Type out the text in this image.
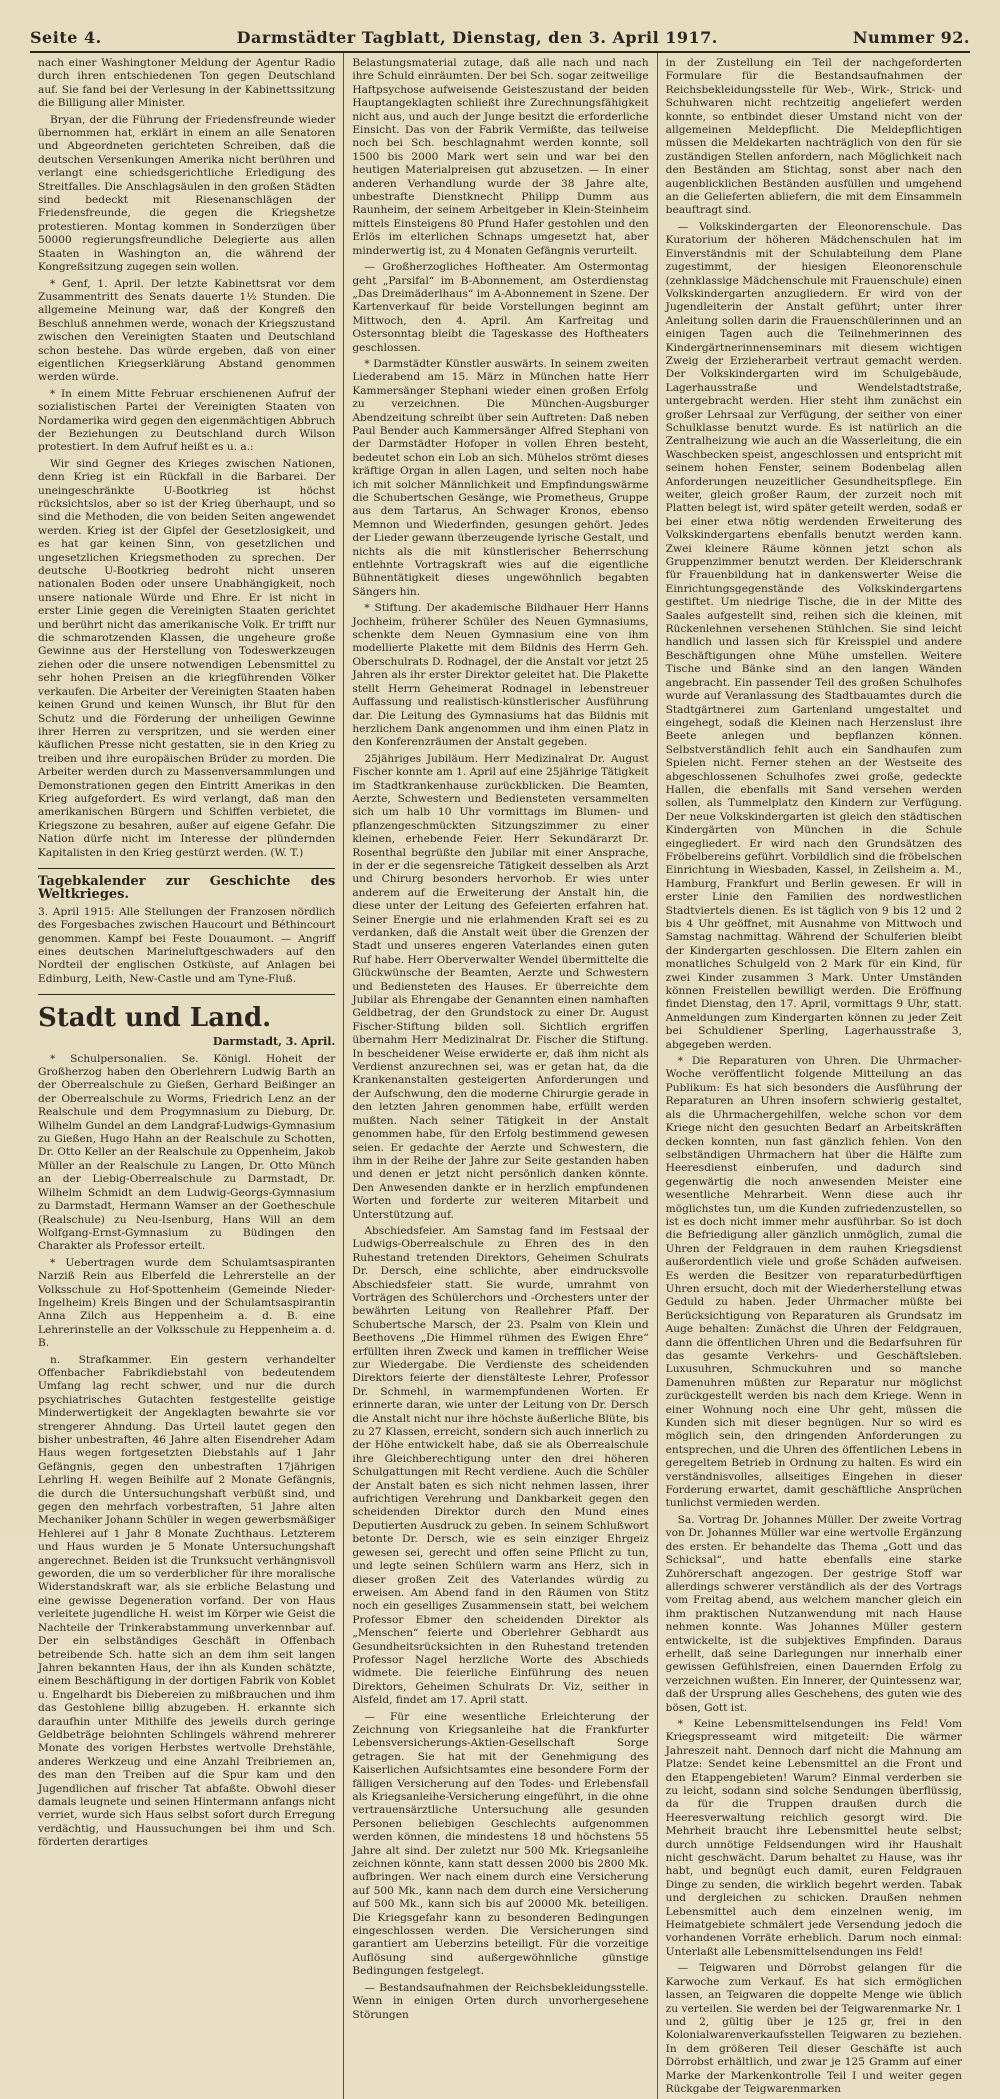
Seite 4.	Darmstädter Tagblatt, Dienstag, den 3. April 1917.	Nummer 92.

nach einer Washingtoner Meldung der Agentur Radio durch ihren entschiedenen Ton gegen Deutschland auf. Sie fand bei der Verlesung in der Kabinettssitzung die Billigung aller Minister.

Bryan, der die Führung der Friedensfreunde wieder übernommen hat, erklärt in einem an alle Senatoren und Abgeordneten gerichteten Schreiben, daß die deutschen Versenkungen Amerika nicht berühren und verlangt eine schiedsgerichtliche Erledigung des Streitfalles. Die Anschlagsäulen in den großen Städten sind bedeckt mit Riesenanschlägen der Friedensfreunde, die gegen die Kriegshetze protestieren. Montag kommen in Sonderzügen über 50000 regierungsfreundliche Delegierte aus allen Staaten in Washington an, die während der Kongreßsitzung zugegen sein wollen.

* Genf, 1. April. Der letzte Kabinettsrat vor dem Zusammentritt des Senats dauerte 1½ Stunden. Die allgemeine Meinung war, daß der Kongreß den Beschluß annehmen werde, wonach der Kriegszustand zwischen den Vereinigten Staaten und Deutschland schon bestehe. Das würde ergeben, daß von einer eigentlichen Kriegserklärung Abstand genommen werden würde.

* In einem Mitte Februar erschienenen Aufruf der sozialistischen Partei der Vereinigten Staaten von Nordamerika wird gegen den eigenmächtigen Abbruch der Beziehungen zu Deutschland durch Wilson protestiert. In dem Aufruf heißt es u. a.:

Wir sind Gegner des Krieges zwischen Nationen, denn Krieg ist ein Rückfall in die Barbarei. Der uneingeschränkte U-Bootkrieg ist höchst rücksichtslos, aber so ist der Krieg überhaupt, und so sind die Methoden, die von beiden Seiten angewendet werden. Krieg ist der Gipfel der Gesetzlosigkeit, und es hat gar keinen Sinn, von gesetzlichen und ungesetzlichen Kriegsmethoden zu sprechen. Der deutsche U-Bootkrieg bedroht nicht unseren nationalen Boden oder unsere Unabhängigkeit, noch unsere nationale Würde und Ehre. Er ist nicht in erster Linie gegen die Vereinigten Staaten gerichtet und berührt nicht das amerikanische Volk. Er trifft nur die schmarotzenden Klassen, die ungeheure große Gewinne aus der Herstellung von Todeswerkzeugen ziehen oder die unsere notwendigen Lebensmittel zu sehr hohen Preisen an die kriegführenden Völker verkaufen. Die Arbeiter der Vereinigten Staaten haben keinen Grund und keinen Wunsch, ihr Blut für den Schutz und die Förderung der unheiligen Gewinne ihrer Herren zu verspritzen, und sie werden einer käuflichen Presse nicht gestatten, sie in den Krieg zu treiben und ihre europäischen Brüder zu morden. Die Arbeiter werden durch zu Massenversammlungen und Demonstrationen gegen den Eintritt Amerikas in den Krieg aufgefordert. Es wird verlangt, daß man den amerikanischen Bürgern und Schiffen verbietet, die Kriegszone zu besahren, außer auf eigene Gefahr. Die Nation dürfe nicht im Interesse der plündernden Kapitalisten in den Krieg gestürzt werden. (W. T.)

Tagebkalender zur Geschichte des Weltkrieges.

3. April 1915: Alle Stellungen der Franzosen nördlich des Forgesbaches zwischen Haucourt und Béthincourt genommen. Kampf bei Feste Douaumont. — Angriff eines deutschen Marineluftgeschwaders auf den Nordteil der englischen Ostküste, auf Anlagen bei Edinburg, Leith, New-Castle und am Tyne-Fluß.

Stadt und Land.
Darmstadt, 3. April.

* Schulpersonalien. Se. Königl. Hoheit der Großherzog haben den Oberlehrern Ludwig Barth an der Oberrealschule zu Gießen, Gerhard Beißinger an der Oberrealschule zu Worms, Friedrich Lenz an der Realschule und dem Progymnasium zu Dieburg, Dr. Wilhelm Gundel an dem Landgraf-Ludwigs-Gymnasium zu Gießen, Hugo Hahn an der Realschule zu Schotten, Dr. Otto Keller an der Realschule zu Oppenheim, Jakob Müller an der Realschule zu Langen, Dr. Otto Münch an der Liebig-Oberrealschule zu Darmstadt, Dr. Wilhelm Schmidt an dem Ludwig-Georgs-Gymnasium zu Darmstadt, Hermann Wamser an der Goetheschule (Realschule) zu Neu-Isenburg, Hans Will an dem Wolfgang-Ernst-Gymnasium zu Büdingen den Charakter als Professor erteilt.

* Uebertragen wurde dem Schulamtsaspiranten Narziß Rein aus Elberfeld die Lehrerstelle an der Volksschule zu Hof-Spottenheim (Gemeinde Nieder-Ingelheim) Kreis Bingen und der Schulamtsaspirantin Anna Zilch aus Heppenheim a. d. B. eine Lehrerinstelle an der Volksschule zu Heppenheim a. d. B.

n. Strafkammer. Ein gestern verhandelter Offenbacher Fabrikdiebstahl von bedeutendem Umfang lag recht schwer, und nur die durch psychiatrisches Gutachten festgestellte geistige Minderwertigkeit der Angeklagten bewahrte sie vor strengerer Ahndung. Das Urteil lautet gegen den bisher unbestraften, 46 Jahre alten Eisendreher Adam Haus wegen fortgesetzten Diebstahls auf 1 Jahr Gefängnis, gegen den unbestraften 17jährigen Lehrling H. wegen Beihilfe auf 2 Monate Gefängnis, die durch die Untersuchungshaft verbüßt sind, und gegen den mehrfach vorbestraften, 51 Jahre alten Mechaniker Johann Schüler in wegen gewerbsmäßiger Hehlerei auf 1 Jahr 8 Monate Zuchthaus. Letzterem und Haus wurden je 5 Monate Untersuchungshaft angerechnet. Beiden ist die Trunksucht verhängnisvoll geworden, die um so verderblicher für ihre moralische Widerstandskraft war, als sie erbliche Belastung und eine gewisse Degeneration vorfand. Der von Haus verleitete jugendliche H. weist im Körper wie Geist die Nachteile der Trinkerabstammung unverkennbar auf. Der ein selbständiges Geschäft in Offenbach betreibende Sch. hatte sich an dem ihm seit langen Jahren bekannten Haus, der ihn als Kunden schätzte, einem Beschäftigung in der dortigen Fabrik von Koblet u. Engelhardt bis Diebereien zu mißbrauchen und ihm das Gestohlene billig abzugeben. H. erkannte sich daraufhin unter Mithilfe des jeweils durch geringe Geldbeträge belohnten Schlingels während mehrerer Monate des vorigen Herbstes wertvolle Drehstähle, anderes Werkzeug und eine Anzahl Treibriemen an, des man den Treiben auf die Spur kam und den Jugendlichen auf frischer Tat abfaßte. Obwohl dieser damals leugnete und seinen Hintermann anfangs nicht verriet, wurde sich Haus selbst sofort durch Erregung verdächtig, und Haussuchungen bei ihm und Sch. förderten derartiges

Belastungsmaterial zutage, daß alle nach und nach ihre Schuld einräumten. Der bei Sch. sogar zeitweilige Haftpsychose aufweisende Geisteszustand der beiden Hauptangeklagten schließt ihre Zurechnungsfähigkeit nicht aus, und auch der Junge besitzt die erforderliche Einsicht. Das von der Fabrik Vermißte, das teilweise noch bei Sch. beschlagnahmt werden konnte, soll 1500 bis 2000 Mark wert sein und war bei den heutigen Materialpreisen gut abzusetzen. — In einer anderen Verhandlung wurde der 38 Jahre alte, unbestrafte Dienstknecht Philipp Dumm aus Raunheim, der seinem Arbeitgeber in Klein-Steinheim mittels Einsteigens 80 Pfund Hafer gestohlen und den Erlös im elterlichen Schnaps umgesetzt hat, aber minderwertig ist, zu 4 Monaten Gefängnis verurteilt.

— Großherzogliches Hoftheater. Am Ostermontag geht „Parsifal“ im B-Abonnement, am Osterdienstag „Das Dreimäderlhaus“ im A-Abonnement in Szene. Der Kartenverkauf für beide Vorstellungen beginnt am Mittwoch, den 4. April. Am Karfreitag und Ostersonntag bleibt die Tageskasse des Hoftheaters geschlossen.

* Darmstädter Künstler auswärts. In seinem zweiten Liederabend am 15. März in München hatte Herr Kammersänger Stephani wieder einen großen Erfolg zu verzeichnen. Die München-Augsburger Abendzeitung schreibt über sein Auftreten: Daß neben Paul Bender auch Kammersänger Alfred Stephani von der Darmstädter Hofoper in vollen Ehren besteht, bedeutet schon ein Lob an sich. Mühelos strömt dieses kräftige Organ in allen Lagen, und selten noch habe ich mit solcher Männlichkeit und Empfindungswärme die Schubertschen Gesänge, wie Prometheus, Gruppe aus dem Tartarus, An Schwager Kronos, ebenso Memnon und Wiederfinden, gesungen gehört. Jedes der Lieder gewann überzeugende lyrische Gestalt, und nichts als die mit künstlerischer Beherrschung entlehnte Vortragskraft wies auf die eigentliche Bühnentätigkeit dieses ungewöhnlich begabten Sängers hin.

* Stiftung. Der akademische Bildhauer Herr Hanns Jochheim, früherer Schüler des Neuen Gymnasiums, schenkte dem Neuen Gymnasium eine von ihm modellierte Plakette mit dem Bildnis des Herrn Geh. Oberschulrats D. Rodnagel, der die Anstalt vor jetzt 25 Jahren als ihr erster Direktor geleitet hat. Die Plakette stellt Herrn Geheimerat Rodnagel in lebenstreuer Auffassung und realistisch-künstlerischer Ausführung dar. Die Leitung des Gymnasiums hat das Bildnis mit herzlichem Dank angenommen und ihm einen Platz in den Konferenzräumen der Anstalt gegeben.

25jähriges Jubiläum. Herr Medizinalrat Dr. August Fischer konnte am 1. April auf eine 25jährige Tätigkeit im Stadtkrankenhause zurückblicken. Die Beamten, Aerzte, Schwestern und Bediensteten versammelten sich um halb 10 Uhr vormittags im Blumen- und pflanzengeschmückten Sitzungszimmer zu einer kleinen, erhebende Feier. Herr Sekundärarzt Dr. Rosenthal begrüßte den Jubilar mit einer Ansprache, in der er die segensreiche Tätigkeit desselben als Arzt und Chirurg besonders hervorhob. Er wies unter anderem auf die Erweiterung der Anstalt hin, die diese unter der Leitung des Gefeierten erfahren hat. Seiner Energie und nie erlahmenden Kraft sei es zu verdanken, daß die Anstalt weit über die Grenzen der Stadt und unseres engeren Vaterlandes einen guten Ruf habe. Herr Oberverwalter Wendel übermittelte die Glückwünsche der Beamten, Aerzte und Schwestern und Bediensteten des Hauses. Er überreichte dem Jubilar als Ehrengabe der Genannten einen namhaften Geldbetrag, der den Grundstock zu einer Dr. August Fischer-Stiftung bilden soll. Sichtlich ergriffen übernahm Herr Medizinalrat Dr. Fischer die Stiftung. In bescheidener Weise erwiderte er, daß ihm nicht als Verdienst anzurechnen sei, was er getan hat, da die Krankenanstalten gesteigerten Anforderungen und der Aufschwung, den die moderne Chirurgie gerade in den letzten Jahren genommen habe, erfüllt werden mußten. Nach seiner Tätigkeit in der Anstalt genommen habe, für den Erfolg bestimmend gewesen seien. Er gedachte der Aerzte und Schwestern, die ihm in der Reihe der Jahre zur Seite gestanden haben und denen er jetzt nicht persönlich danken könnte. Den Anwesenden dankte er in herzlich empfundenen Worten und forderte zur weiteren Mitarbeit und Unterstützung auf.

Abschiedsfeier. Am Samstag fand im Festsaal der Ludwigs-Oberrealschule zu Ehren des in den Ruhestand tretenden Direktors, Geheimen Schulrats Dr. Dersch, eine schlichte, aber eindrucksvolle Abschiedsfeier statt. Sie wurde, umrahmt von Vorträgen des Schülerchors und -Orchesters unter der bewährten Leitung von Reallehrer Pfaff. Der Schubertsche Marsch, der 23. Psalm von Klein und Beethovens „Die Himmel rühmen des Ewigen Ehre“ erfüllten ihren Zweck und kamen in trefflicher Weise zur Wiedergabe. Die Verdienste des scheidenden Direktors feierte der dienstälteste Lehrer, Professor Dr. Schmehl, in warmempfundenen Worten. Er erinnerte daran, wie unter der Leitung von Dr. Dersch die Anstalt nicht nur ihre höchste äußerliche Blüte, bis zu 27 Klassen, erreicht, sondern sich auch innerlich zu der Höhe entwickelt habe, daß sie als Oberrealschule ihre Gleichberechtigung unter den drei höheren Schulgattungen mit Recht verdiene. Auch die Schüler der Anstalt baten es sich nicht nehmen lassen, ihrer aufrichtigen Verehrung und Dankbarkeit gegen den scheidenden Direktor durch den Mund eines Deputierten Ausdruck zu geben. In seinem Schlußwort betonte Dr. Dersch, wie es sein einziger Ehrgeiz gewesen sei, gerecht und offen seine Pflicht zu tun, und legte seinen Schülern warm ans Herz, sich in dieser großen Zeit des Vaterlandes würdig zu erweisen. Am Abend fand in den Räumen von Stitz noch ein geselliges Zusammensein statt, bei welchem Professor Ebmer den scheidenden Direktor als „Menschen“ feierte und Oberlehrer Gebhardt aus Gesundheitsrücksichten in den Ruhestand tretenden Professor Nagel herzliche Worte des Abschieds widmete. Die feierliche Einführung des neuen Direktors, Geheimen Schulrats Dr. Viz, seither in Alsfeld, findet am 17. April statt.

— Für eine wesentliche Erleichterung der Zeichnung von Kriegsanleihe hat die Frankfurter Lebensversicherungs-Aktien-Gesellschaft Sorge getragen. Sie hat mit der Genehmigung des Kaiserlichen Aufsichtsamtes eine besondere Form der fälligen Versicherung auf den Todes- und Erlebensfall als Kriegsanleihe-Versicherung eingeführt, in die ohne vertrauensärztliche Untersuchung alle gesunden Personen beliebigen Geschlechts aufgenommen werden können, die mindestens 18 und höchstens 55 Jahre alt sind. Der zuletzt nur 500 Mk. Kriegsanleihe zeichnen könnte, kann statt dessen 2000 bis 2800 Mk. aufbringen. Wer nach einem durch eine Versicherung auf 500 Mk., kann nach dem durch eine Versicherung auf 500 Mk., kann sich bis auf 20000 Mk. beteiligen. Die Kriegsgefahr kann zu besonderen Bedingungen eingeschlossen werden. Die Versicherungen sind garantiert am Ueberzins beteiligt. Für die vorzeitige Auflösung sind außergewöhnliche günstige Bedingungen festgelegt.

— Bestandsaufnahmen der Reichsbekleidungsstelle. Wenn in einigen Orten durch unvorhergesehene Störungen

in der Zustellung ein Teil der nachgeforderten Formulare für die Bestandsaufnahmen der Reichsbekleidungsstelle für Web-, Wirk-, Strick- und Schuhwaren nicht rechtzeitig angeliefert werden konnte, so entbindet dieser Umstand nicht von der allgemeinen Meldepflicht. Die Meldepflichtigen müssen die Meldekarten nachträglich von den für sie zuständigen Stellen anfordern, nach Möglichkeit nach den Beständen am Stichtag, sonst aber nach den augenblicklichen Beständen ausfüllen und umgehend an die Gelieferten abliefern, die mit dem Einsammeln beauftragt sind.

— Volkskindergarten der Eleonorenschule. Das Kuratorium der höheren Mädchenschulen hat im Einverständnis mit der Schulabteilung dem Plane zugestimmt, der hiesigen Eleonorenschule (zehnklassige Mädchenschule mit Frauenschule) einen Volkskindergarten anzugliedern. Er wird von der Jugendleiterin der Anstalt geführt; unter ihrer Anleitung sollen darin die Frauenschülerinnen und an einigen Tagen auch die Teilnehmerinnen des Kindergärtnerinnenseminars mit diesem wichtigen Zweig der Erzieherarbeit vertraut gemacht werden. Der Volkskindergarten wird im Schulgebäude, Lagerhausstraße und Wendelstadtstraße, untergebracht werden. Hier steht ihm zunächst ein großer Lehrsaal zur Verfügung, der seither von einer Schulklasse benutzt wurde. Es ist natürlich an die Zentralheizung wie auch an die Wasserleitung, die ein Waschbecken speist, angeschlossen und entspricht mit seinem hohen Fenster, seinem Bodenbelag allen Anforderungen neuzeitlicher Gesundheitspflege. Ein weiter, gleich großer Raum, der zurzeit noch mit Platten belegt ist, wird später geteilt werden, sodaß er bei einer etwa nötig werdenden Erweiterung des Volkskindergartens ebenfalls benutzt werden kann. Zwei kleinere Räume können jetzt schon als Gruppenzimmer benutzt werden. Der Kleiderschrank für Frauenbildung hat in dankenswerter Weise die Einrichtungsgegenstände des Volkskindergartens gestiftet. Um niedrige Tische, die in der Mitte des Saales aufgestellt sind, reihen sich die kleinen, mit Rückenlehnen versehenen Stühlchen. Sie sind leicht handlich und lassen sich für Kreisspiel und andere Beschäftigungen ohne Mühe umstellen. Weitere Tische und Bänke sind an den langen Wänden angebracht. Ein passender Teil des großen Schulhofes wurde auf Veranlassung des Stadtbauamtes durch die Stadtgärtnerei zum Gartenland umgestaltet und eingehegt, sodaß die Kleinen nach Herzenslust ihre Beete anlegen und bepflanzen können. Selbstverständlich fehlt auch ein Sandhaufen zum Spielen nicht. Ferner stehen an der Westseite des abgeschlossenen Schulhofes zwei große, gedeckte Hallen, die ebenfalls mit Sand versehen werden sollen, als Tummelplatz den Kindern zur Verfügung. Der neue Volkskindergarten ist gleich den städtischen Kindergärten von München in die Schule eingegliedert. Er wird nach den Grundsätzen des Fröbelbereins geführt. Vorbildlich sind die fröbelschen Einrichtung in Wiesbaden, Kassel, in Zeilsheim a. M., Hamburg, Frankfurt und Berlin gewesen. Er will in erster Linie den Familien des nordwestlichen Stadtviertels dienen. Es ist täglich von 9 bis 12 und 2 bis 4 Uhr geöffnet, mit Ausnahme von Mittwoch und Samstag nachmittag. Während der Schulferien bleibt der Kindergarten geschlossen. Die Eltern zahlen ein monatliches Schulgeld von 2 Mark für ein Kind, für zwei Kinder zusammen 3 Mark. Unter Umständen können Freistellen bewilligt werden. Die Eröffnung findet Dienstag, den 17. April, vormittags 9 Uhr, statt. Anmeldungen zum Kindergarten können zu jeder Zeit bei Schuldiener Sperling, Lagerhausstraße 3, abgegeben werden.

* Die Reparaturen von Uhren. Die Uhrmacher-Woche veröffentlicht folgende Mitteilung an das Publikum: Es hat sich besonders die Ausführung der Reparaturen an Uhren insofern schwierig gestaltet, als die Uhrmachergehilfen, welche schon vor dem Kriege nicht den gesuchten Bedarf an Arbeitskräften decken konnten, nun fast gänzlich fehlen. Von den selbständigen Uhrmachern hat über die Hälfte zum Heeresdienst einberufen, und dadurch sind gegenwärtig die noch anwesenden Meister eine wesentliche Mehrarbeit. Wenn diese auch ihr möglichstes tun, um die Kunden zufriedenzustellen, so ist es doch nicht immer mehr ausführbar. So ist doch die Befriedigung aller gänzlich unmöglich, zumal die Uhren der Feldgrauen in dem rauhen Kriegsdienst außerordentlich viele und große Schäden aufweisen. Es werden die Besitzer von reparaturbedürftigen Uhren ersucht, doch mit der Wiederherstellung etwas Geduld zu haben. Jeder Uhrmacher müßte bei Berücksichtigung von Reparaturen als Grundsatz im Auge behalten: Zunächst die Uhren der Feldgrauen, dann die öffentlichen Uhren und die Bedarfsuhren für das gesamte Verkehrs- und Geschäftsleben. Luxusuhren, Schmuckuhren und so manche Damenuhren müßten zur Reparatur nur möglichst zurückgestellt werden bis nach dem Kriege. Wenn in einer Wohnung noch eine Uhr geht, müssen die Kunden sich mit dieser begnügen. Nur so wird es möglich sein, den dringenden Anforderungen zu entsprechen, und die Uhren des öffentlichen Lebens in geregeltem Betrieb in Ordnung zu halten. Es wird ein verständnisvolles, allseitiges Eingehen in dieser Forderung erwartet, damit geschäftliche Ansprüchen tunlichst vermieden werden.

Sa. Vortrag Dr. Johannes Müller. Der zweite Vortrag von Dr. Johannes Müller war eine wertvolle Ergänzung des ersten. Er behandelte das Thema „Gott und das Schicksal“, und hatte ebenfalls eine starke Zuhörerschaft angezogen. Der gestrige Stoff war allerdings schwerer verständlich als der des Vortrags vom Freitag abend, aus welchem mancher gleich ein ihm praktischen Nutzanwendung mit nach Hause nehmen konnte. Was Johannes Müller gestern entwickelte, ist die subjektives Empfinden. Daraus erhellt, daß seine Darlegungen nur innerhalb einer gewissen Gefühlsfreien, einen Dauernden Erfolg zu verzeichnen wußten. Ein Innerer, der Quintessenz war, daß der Ursprung alles Geschehens, des guten wie des bösen, Gott ist.

* Keine Lebensmittelsendungen ins Feld! Vom Kriegspresseamt wird mitgeteilt: Die wärmer Jahreszeit naht. Dennoch darf nicht die Mahnung am Platze: Sendet keine Lebensmittel an die Front und den Etappengebieten! Warum? Einmal verderben sie zu leicht, sodann sind solche Sendungen überflüssig, da für die Truppen draußen durch die Heeresverwaltung reichlich gesorgt wird. Die Mehrheit braucht ihre Lebensmittel heute selbst; durch unnötige Feldsendungen wird ihr Haushalt nicht geschwächt. Darum behaltet zu Hause, was ihr habt, und begnügt euch damit, euren Feldgrauen Dinge zu senden, die wirklich begehrt werden. Tabak und dergleichen zu schicken. Draußen nehmen Lebensmittel auch dem einzelnen wenig, im Heimatgebiete schmälert jede Versendung jedoch die vorhandenen Vorräte erheblich. Darum noch einmal: Unterlaßt alle Lebensmittelsendungen ins Feld!

— Teigwaren und Dörrobst gelangen für die Karwoche zum Verkauf. Es hat sich ermöglichen lassen, an Teigwaren die doppelte Menge wie üblich zu verteilen. Sie werden bei der Teigwarenmarke Nr. 1 und 2, gültig über je 125 gr, frei in den Kolonialwarenverkaufsstellen Teigwaren zu beziehen. In dem größeren Teil dieser Geschäfte ist auch Dörrobst erhältlich, und zwar je 125 Gramm auf einer Marke der Markenkontrolle Teil I und weiter gegen Rückgabe der Teigwarenmarken
